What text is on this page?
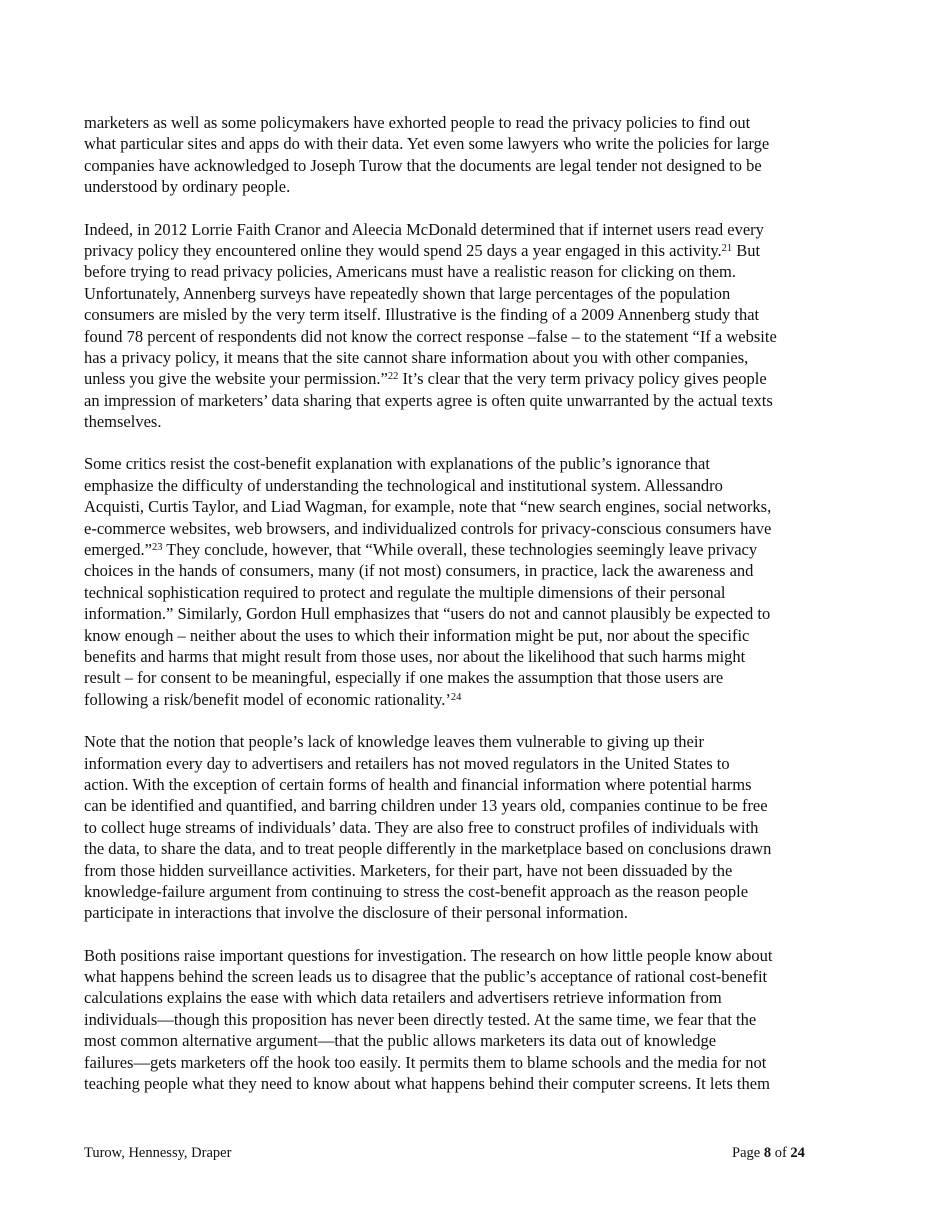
marketers as well as some policymakers have exhorted people to read the privacy policies to find out
what particular sites and apps do with their data. Yet even some lawyers who write the policies for large
companies have acknowledged to Joseph Turow that the documents are legal tender not designed to be
understood by ordinary people.

Indeed, in 2012 Lorrie Faith Cranor and Aleecia McDonald determined that if internet users read every
privacy policy they encountered online they would spend 25 days a year engaged in this activity.$^{21}$ But
before trying to read privacy policies, Americans must have a realistic reason for clicking on them.
Unfortunately, Annenberg surveys have repeatedly shown that large percentages of the population
consumers are misled by the very term itself. Illustrative is the finding of a 2009 Annenberg study that
found 78 percent of respondents did not know the correct response –false – to the statement “If a website
has a privacy policy, it means that the site cannot share information about you with other companies,
unless you give the website your permission.”$^{22}$ It’s clear that the very term privacy policy gives people
an impression of marketers’ data sharing that experts agree is often quite unwarranted by the actual texts
themselves.

Some critics resist the cost-benefit explanation with explanations of the public’s ignorance that
emphasize the difficulty of understanding the technological and institutional system. Allessandro
Acquisti, Curtis Taylor, and Liad Wagman, for example, note that “new search engines, social networks,
e-commerce websites, web browsers, and individualized controls for privacy-conscious consumers have
emerged.”$^{23}$ They conclude, however, that “While overall, these technologies seemingly leave privacy
choices in the hands of consumers, many (if not most) consumers, in practice, lack the awareness and
technical sophistication required to protect and regulate the multiple dimensions of their personal
information.” Similarly, Gordon Hull emphasizes that “users do not and cannot plausibly be expected to
know enough – neither about the uses to which their information might be put, nor about the specific
benefits and harms that might result from those uses, nor about the likelihood that such harms might
result – for consent to be meaningful, especially if one makes the assumption that those users are
following a risk/benefit model of economic rationality.’$^{24}$

Note that the notion that people’s lack of knowledge leaves them vulnerable to giving up their
information every day to advertisers and retailers has not moved regulators in the United States to
action. With the exception of certain forms of health and financial information where potential harms
can be identified and quantified, and barring children under 13 years old, companies continue to be free
to collect huge streams of individuals’ data. They are also free to construct profiles of individuals with
the data, to share the data, and to treat people differently in the marketplace based on conclusions drawn
from those hidden surveillance activities. Marketers, for their part, have not been dissuaded by the
knowledge-failure argument from continuing to stress the cost-benefit approach as the reason people
participate in interactions that involve the disclosure of their personal information.

Both positions raise important questions for investigation. The research on how little people know about
what happens behind the screen leads us to disagree that the public’s acceptance of rational cost-benefit
calculations explains the ease with which data retailers and advertisers retrieve information from
individuals—though this proposition has never been directly tested. At the same time, we fear that the
most common alternative argument—that the public allows marketers its data out of knowledge
failures—gets marketers off the hook too easily. It permits them to blame schools and the media for not
teaching people what they need to know about what happens behind their computer screens. It lets them

Turow, Hennessy, Draper	Page 8 of 24
